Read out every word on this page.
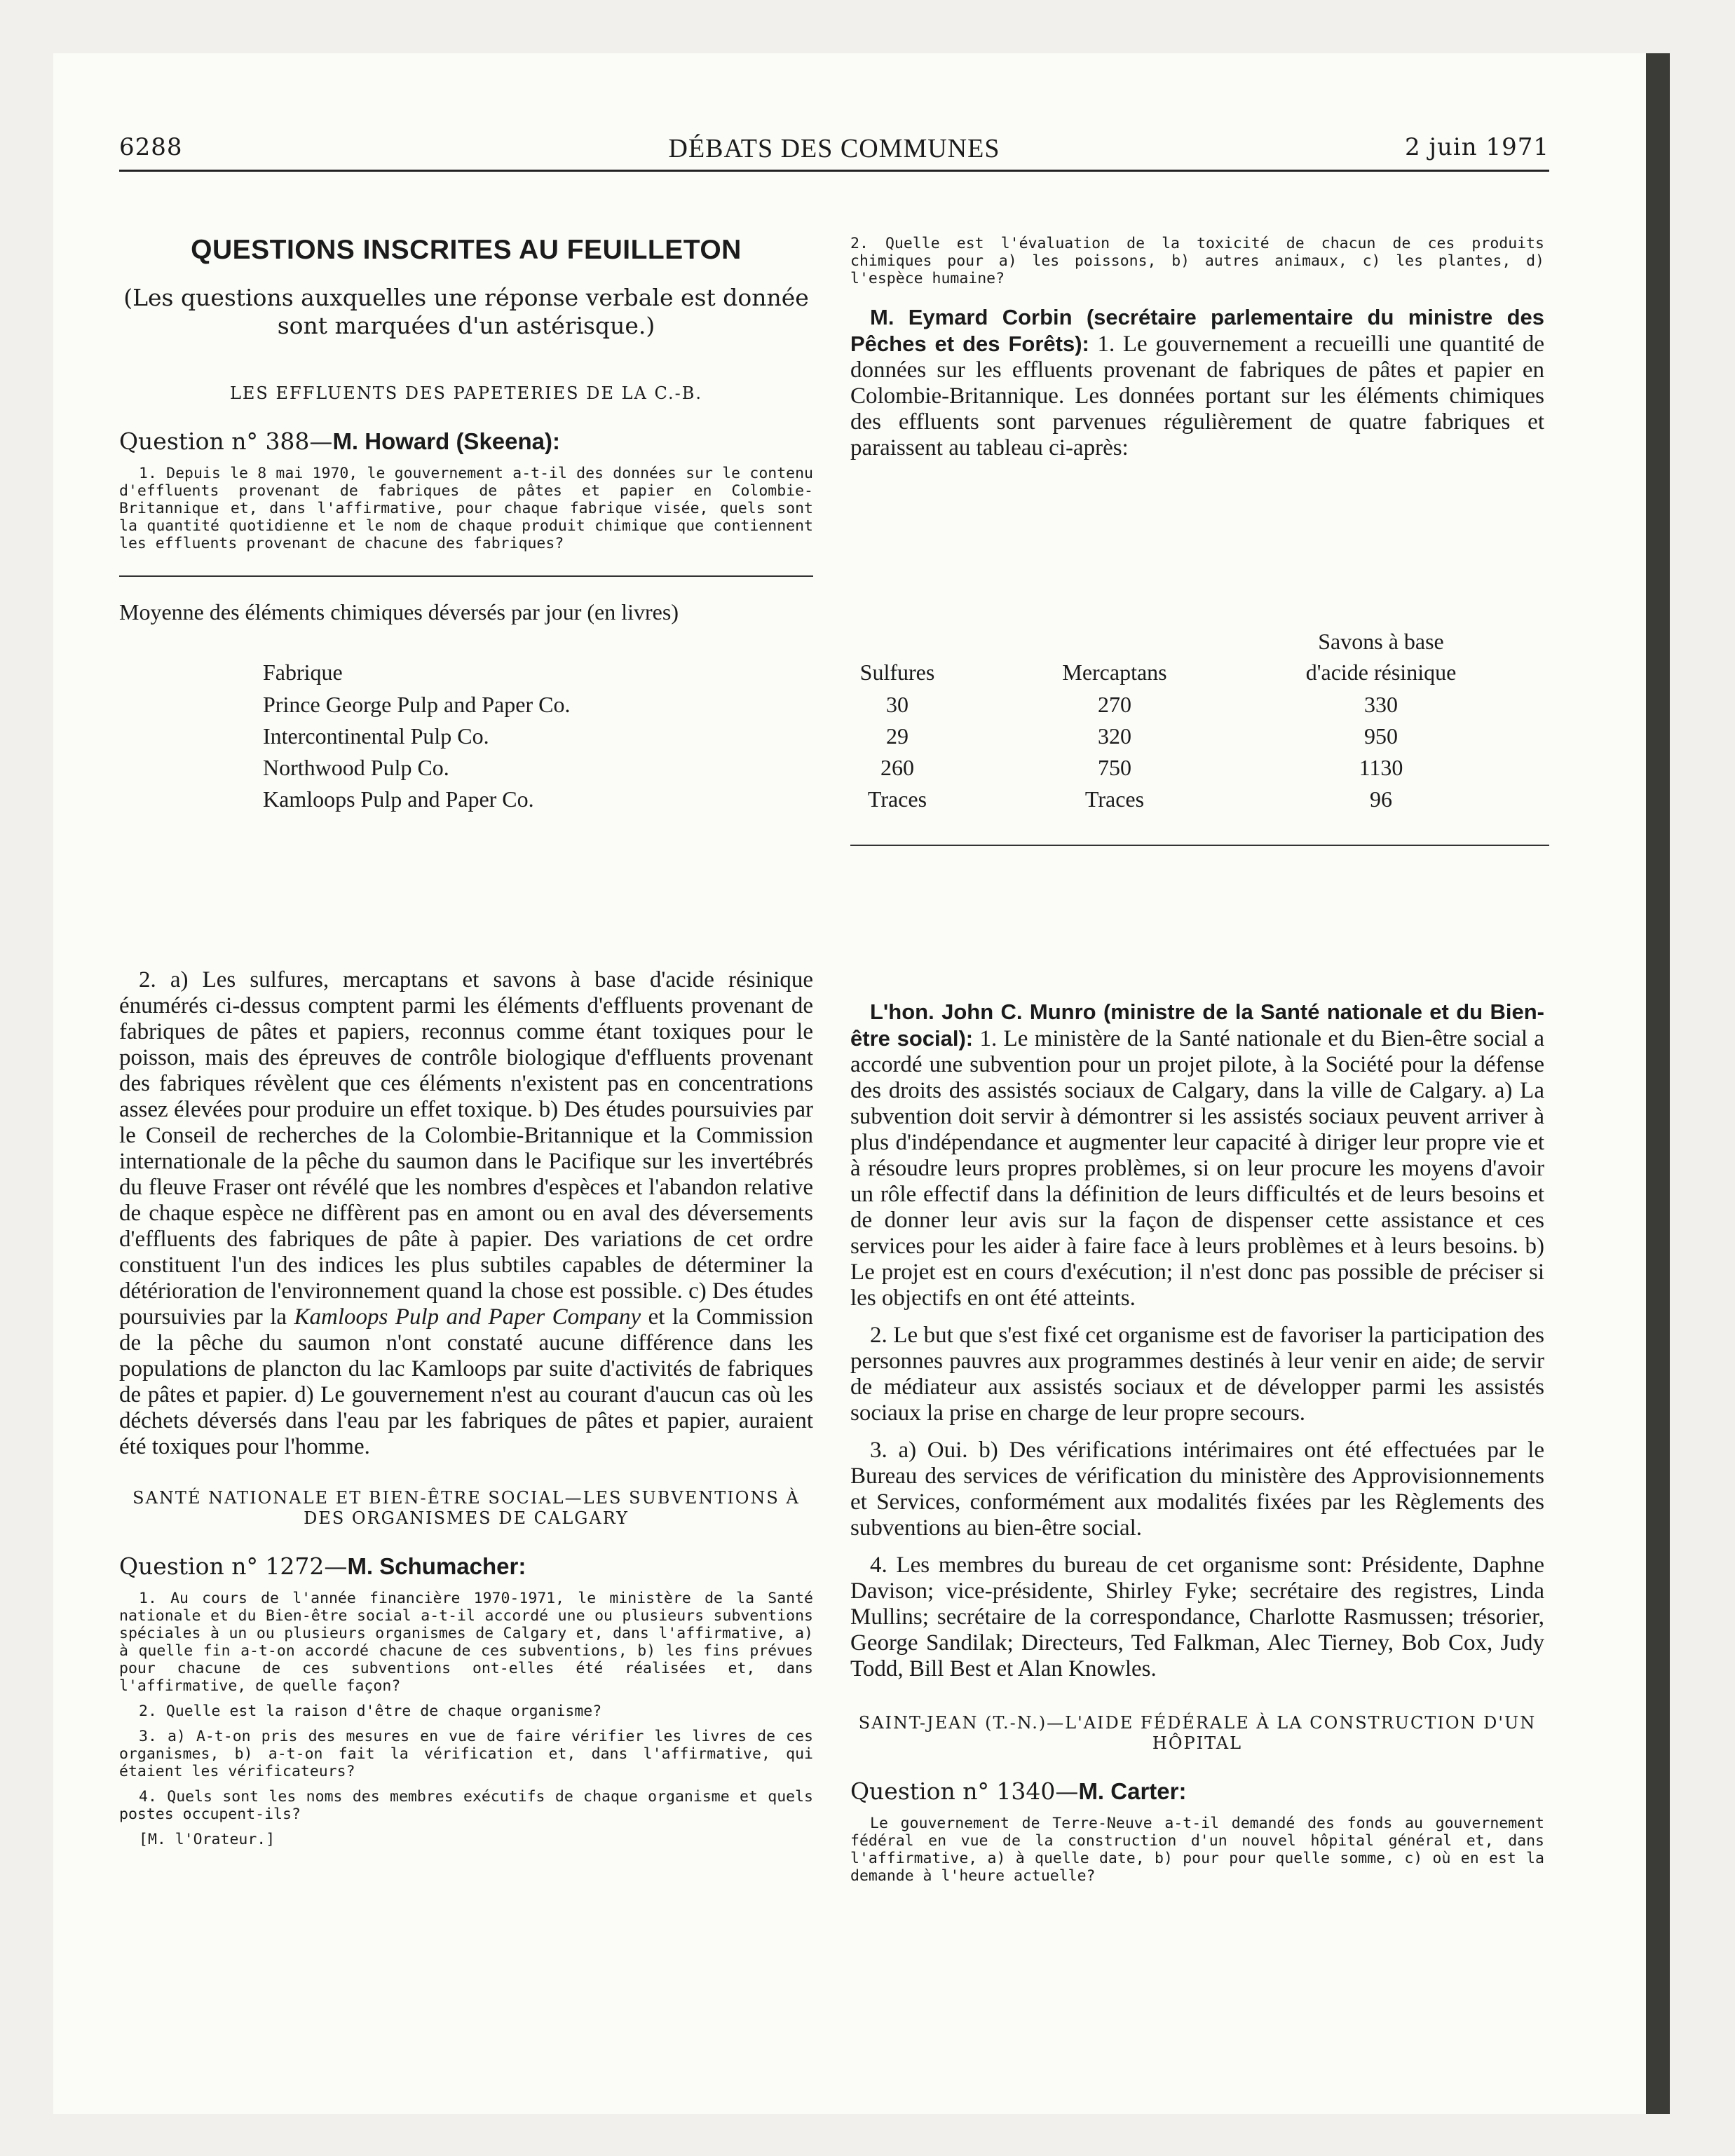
6288	DÉBATS DES COMMUNES	2 juin 1971
QUESTIONS INSCRITES AU FEUILLETON
(Les questions auxquelles une réponse verbale est donnée sont marquées d'un astérisque.)
LES EFFLUENTS DES PAPETERIES DE LA C.-B.
Question n° 388—M. Howard (Skeena):

1. Depuis le 8 mai 1970, le gouvernement a-t-il des données sur le contenu d'effluents provenant de fabriques de pâtes et papier en Colombie-Britannique et, dans l'affirmative, pour chaque fabrique visée, quels sont la quantité quotidienne et le nom de chaque produit chimique que contiennent les effluents provenant de chacune des fabriques?

2. Quelle est l'évaluation de la toxicité de chacun de ces produits chimiques pour a) les poissons, b) autres animaux, c) les plantes, d) l'espèce humaine?

M. Eymard Corbin (secrétaire parlementaire du ministre des Pêches et des Forêts): 1. Le gouvernement a recueilli une quantité de données sur les effluents provenant de fabriques de pâtes et papier en Colombie-Britannique. Les données portant sur les éléments chimiques des effluents sont parvenues régulièrement de quatre fabriques et paraissent au tableau ci-après:

Moyenne des éléments chimiques déversés par jour (en livres)
Savons à base
Fabrique	Sulfures	Mercaptans	d'acide résinique
Prince George Pulp and Paper Co.	30	270	330
Intercontinental Pulp Co.	29	320	950
Northwood Pulp Co.	260	750	1130
Kamloops Pulp and Paper Co.	Traces	Traces	96

2. a) Les sulfures, mercaptans et savons à base d'acide résinique énumérés ci-dessus comptent parmi les éléments d'effluents provenant de fabriques de pâtes et papiers, reconnus comme étant toxiques pour le poisson, mais des épreuves de contrôle biologique d'effluents provenant des fabriques révèlent que ces éléments n'existent pas en concentrations assez élevées pour produire un effet toxique. b) Des études poursuivies par le Conseil de recherches de la Colombie-Britannique et la Commission internationale de la pêche du saumon dans le Pacifique sur les invertébrés du fleuve Fraser ont révélé que les nombres d'espèces et l'abandon relative de chaque espèce ne diffèrent pas en amont ou en aval des déversements d'effluents des fabriques de pâte à papier. Des variations de cet ordre constituent l'un des indices les plus subtiles capables de déterminer la détérioration de l'environnement quand la chose est possible. c) Des études poursuivies par la Kamloops Pulp and Paper Company et la Commission de la pêche du saumon n'ont constaté aucune différence dans les populations de plancton du lac Kamloops par suite d'activités de fabriques de pâtes et papier. d) Le gouvernement n'est au courant d'aucun cas où les déchets déversés dans l'eau par les fabriques de pâtes et papier, auraient été toxiques pour l'homme.

SANTÉ NATIONALE ET BIEN-ÊTRE SOCIAL—LES SUBVENTIONS À DES ORGANISMES DE CALGARY
Question n° 1272—M. Schumacher:

1. Au cours de l'année financière 1970-1971, le ministère de la Santé nationale et du Bien-être social a-t-il accordé une ou plusieurs subventions spéciales à un ou plusieurs organismes de Calgary et, dans l'affirmative, a) à quelle fin a-t-on accordé chacune de ces subventions, b) les fins prévues pour chacune de ces subventions ont-elles été réalisées et, dans l'affirmative, de quelle façon?

2. Quelle est la raison d'être de chaque organisme?

3. a) A-t-on pris des mesures en vue de faire vérifier les livres de ces organismes, b) a-t-on fait la vérification et, dans l'affirmative, qui étaient les vérificateurs?

4. Quels sont les noms des membres exécutifs de chaque organisme et quels postes occupent-ils?

[M. l'Orateur.]

L'hon. John C. Munro (ministre de la Santé nationale et du Bien-être social): 1. Le ministère de la Santé nationale et du Bien-être social a accordé une subvention pour un projet pilote, à la Société pour la défense des droits des assistés sociaux de Calgary, dans la ville de Calgary. a) La subvention doit servir à démontrer si les assistés sociaux peuvent arriver à plus d'indépendance et augmenter leur capacité à diriger leur propre vie et à résoudre leurs propres problèmes, si on leur procure les moyens d'avoir un rôle effectif dans la définition de leurs difficultés et de leurs besoins et de donner leur avis sur la façon de dispenser cette assistance et ces services pour les aider à faire face à leurs problèmes et à leurs besoins. b) Le projet est en cours d'exécution; il n'est donc pas possible de préciser si les objectifs en ont été atteints.

2. Le but que s'est fixé cet organisme est de favoriser la participation des personnes pauvres aux programmes destinés à leur venir en aide; de servir de médiateur aux assistés sociaux et de développer parmi les assistés sociaux la prise en charge de leur propre secours.

3. a) Oui. b) Des vérifications intérimaires ont été effectuées par le Bureau des services de vérification du ministère des Approvisionnements et Services, conformément aux modalités fixées par les Règlements des subventions au bien-être social.

4. Les membres du bureau de cet organisme sont: Présidente, Daphne Davison; vice-présidente, Shirley Fyke; secrétaire des registres, Linda Mullins; secrétaire de la correspondance, Charlotte Rasmussen; trésorier, George Sandilak; Directeurs, Ted Falkman, Alec Tierney, Bob Cox, Judy Todd, Bill Best et Alan Knowles.

SAINT-JEAN (T.-N.)—L'AIDE FÉDÉRALE À LA CONSTRUCTION D'UN HÔPITAL
Question n° 1340—M. Carter:

Le gouvernement de Terre-Neuve a-t-il demandé des fonds au gouvernement fédéral en vue de la construction d'un nouvel hôpital général et, dans l'affirmative, a) à quelle date, b) pour pour quelle somme, c) où en est la demande à l'heure actuelle?
